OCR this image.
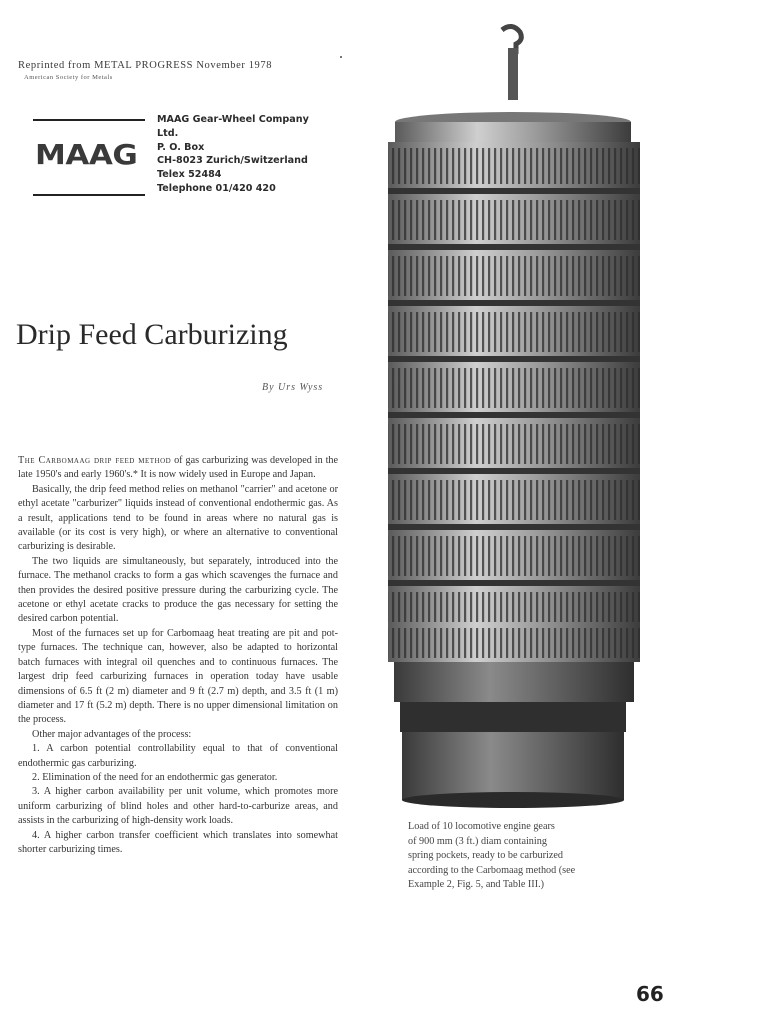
Reprinted from METAL PROGRESS November 1978
American Society for Metals
MAAG
MAAG Gear-Wheel Company
Ltd.
P. O. Box
CH-8023 Zurich/Switzerland
Telex 52484
Telephone 01/420 420
Drip Feed Carburizing
By Urs Wyss

The Carbomaag drip feed method of gas carburizing was developed in the late 1950's and early 1960's.* It is now widely used in Europe and Japan.

Basically, the drip feed method relies on methanol "carrier" and acetone or ethyl acetate "carburizer" liquids instead of conventional endothermic gas. As a result, applications tend to be found in areas where no natural gas is available (or its cost is very high), or where an alternative to conventional carburizing is desirable.

The two liquids are simultaneously, but separately, introduced into the furnace. The methanol cracks to form a gas which scavenges the furnace and then provides the desired positive pressure during the carburizing cycle. The acetone or ethyl acetate cracks to produce the gas necessary for setting the desired carbon potential.

Most of the furnaces set up for Carbomaag heat treating are pit and pot-type furnaces. The technique can, however, also be adapted to horizontal batch furnaces with integral oil quenches and to continuous furnaces. The largest drip feed carburizing furnaces in operation today have usable dimensions of 6.5 ft (2 m) diameter and 9 ft (2.7 m) depth, and 3.5 ft (1 m) diameter and 17 ft (5.2 m) depth. There is no upper dimensional limitation on the process.

Other major advantages of the process:

1. A carbon potential controllability equal to that of conventional endothermic gas carburizing.

2. Elimination of the need for an endothermic gas generator.

3. A higher carbon availability per unit volume, which promotes more uniform carburizing of blind holes and other hard-to-carburize areas, and assists in the carburizing of high-density work loads.

4. A higher carbon transfer coefficient which translates into somewhat shorter carburizing times.

Load of 10 locomotive engine gears
of 900 mm (3 ft.) diam containing
spring pockets, ready to be carburized
according to the Carbomaag method (see
Example 2, Fig. 5, and Table III.)
66
